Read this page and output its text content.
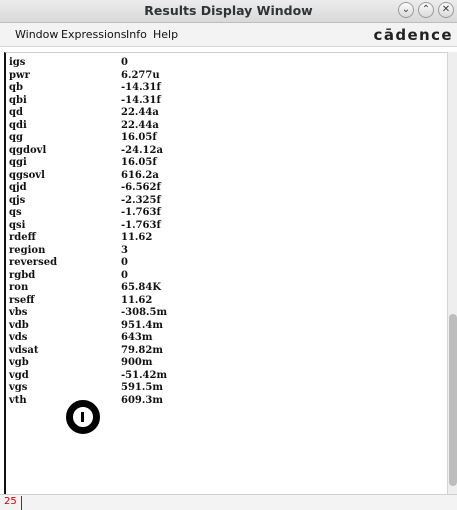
Results Display Window	⌄	⌃	✕
Window Expressions Info Help	cādence
igs	0
pwr	6.277u
qb	-14.31f
qbi	-14.31f
qd	22.44a
qdi	22.44a
qg	16.05f
qgdovl	-24.12a
qgi	16.05f
qgsovl	616.2a
qjd	-6.562f
qjs	-2.325f
qs	-1.763f
qsi	-1.763f
rdeff	11.62
region	3
reversed	0
rgbd	0
ron	65.84K
rseff	11.62
vbs	-308.5m
vdb	951.4m
vds	643m
vdsat	79.82m
vgb	900m
vgd	-51.42m
vgs	591.5m
vth	609.3m
25
